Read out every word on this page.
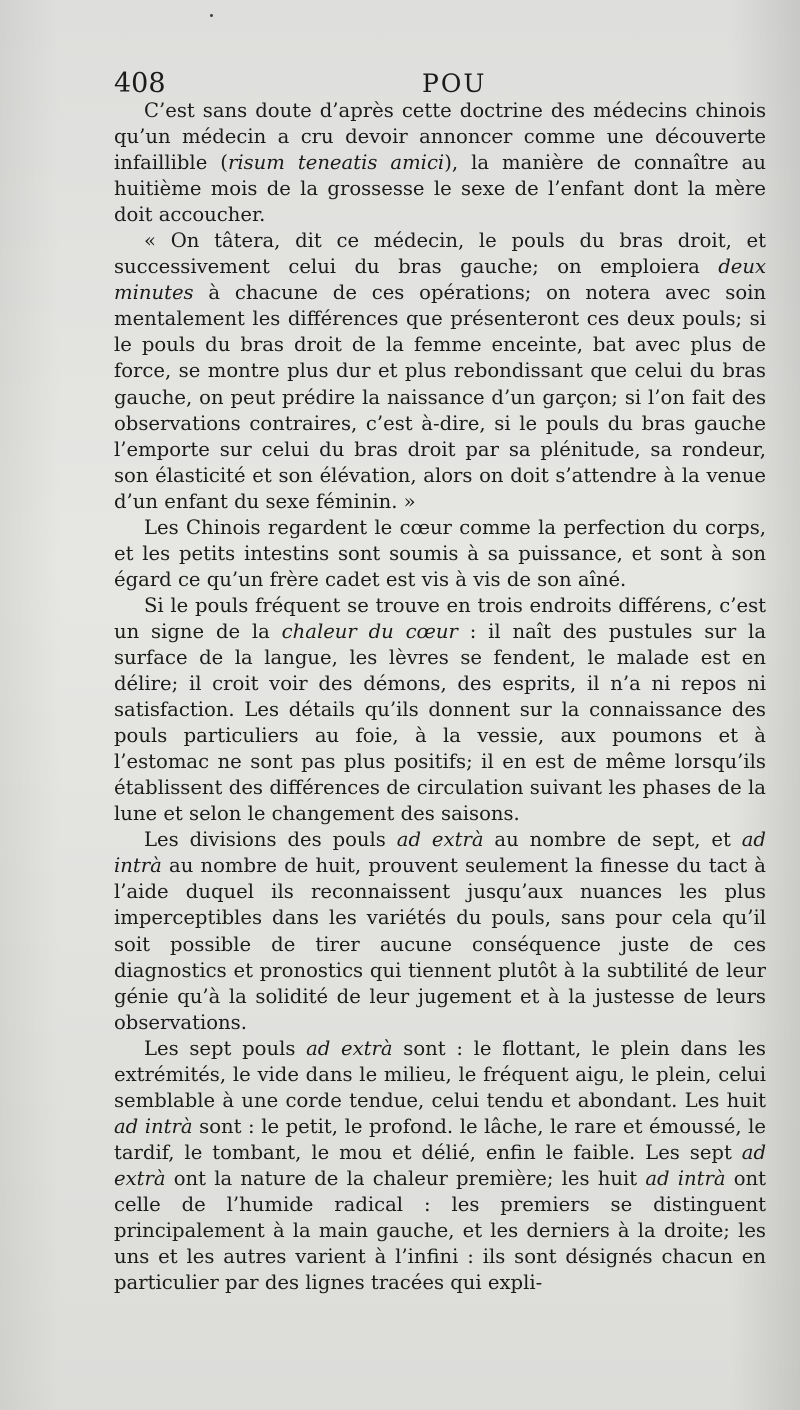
408	POU

C’est sans doute d’après cette doctrine des médecins chinois qu’un médecin a cru devoir annoncer comme une découverte infaillible (risum teneatis amici), la manière de connaître au huitième mois de la grossesse le sexe de l’enfant dont la mère doit accoucher.

« On tâtera, dit ce médecin, le pouls du bras droit, et successivement celui du bras gauche; on emploiera deux minutes à chacune de ces opérations; on notera avec soin mentalement les différences que présenteront ces deux pouls; si le pouls du bras droit de la femme enceinte, bat avec plus de force, se montre plus dur et plus rebondissant que celui du bras gauche, on peut prédire la naissance d’un garçon; si l’on fait des observations contraires, c’est à-dire, si le pouls du bras gauche l’emporte sur celui du bras droit par sa plénitude, sa rondeur, son élasticité et son élévation, alors on doit s’attendre à la venue d’un enfant du sexe féminin. »

Les Chinois regardent le cœur comme la perfection du corps, et les petits intestins sont soumis à sa puissance, et sont à son égard ce qu’un frère cadet est vis à vis de son aîné.

Si le pouls fréquent se trouve en trois endroits différens, c’est un signe de la chaleur du cœur : il naît des pustules sur la surface de la langue, les lèvres se fendent, le malade est en délire; il croit voir des démons, des esprits, il n’a ni repos ni satisfaction. Les détails qu’ils donnent sur la connaissance des pouls particuliers au foie, à la vessie, aux poumons et à l’estomac ne sont pas plus positifs; il en est de même lorsqu’ils établissent des différences de circulation suivant les phases de la lune et selon le changement des saisons.

Les divisions des pouls ad extrà au nombre de sept, et ad intrà au nombre de huit, prouvent seulement la finesse du tact à l’aide duquel ils reconnaissent jusqu’aux nuances les plus imperceptibles dans les variétés du pouls, sans pour cela qu’il soit possible de tirer aucune conséquence juste de ces diagnostics et pronostics qui tiennent plutôt à la subtilité de leur génie qu’à la solidité de leur jugement et à la justesse de leurs observations.

Les sept pouls ad extrà sont : le flottant, le plein dans les extrémités, le vide dans le milieu, le fréquent aigu, le plein, celui semblable à une corde tendue, celui tendu et abondant. Les huit ad intrà sont : le petit, le profond. le lâche, le rare et émoussé, le tardif, le tombant, le mou et délié, enfin le faible. Les sept ad extrà ont la nature de la chaleur première; les huit ad intrà ont celle de l’humide radical : les premiers se distinguent principalement à la main gauche, et les derniers à la droite; les uns et les autres varient à l’infini : ils sont désignés chacun en particulier par des lignes tracées qui expli-
